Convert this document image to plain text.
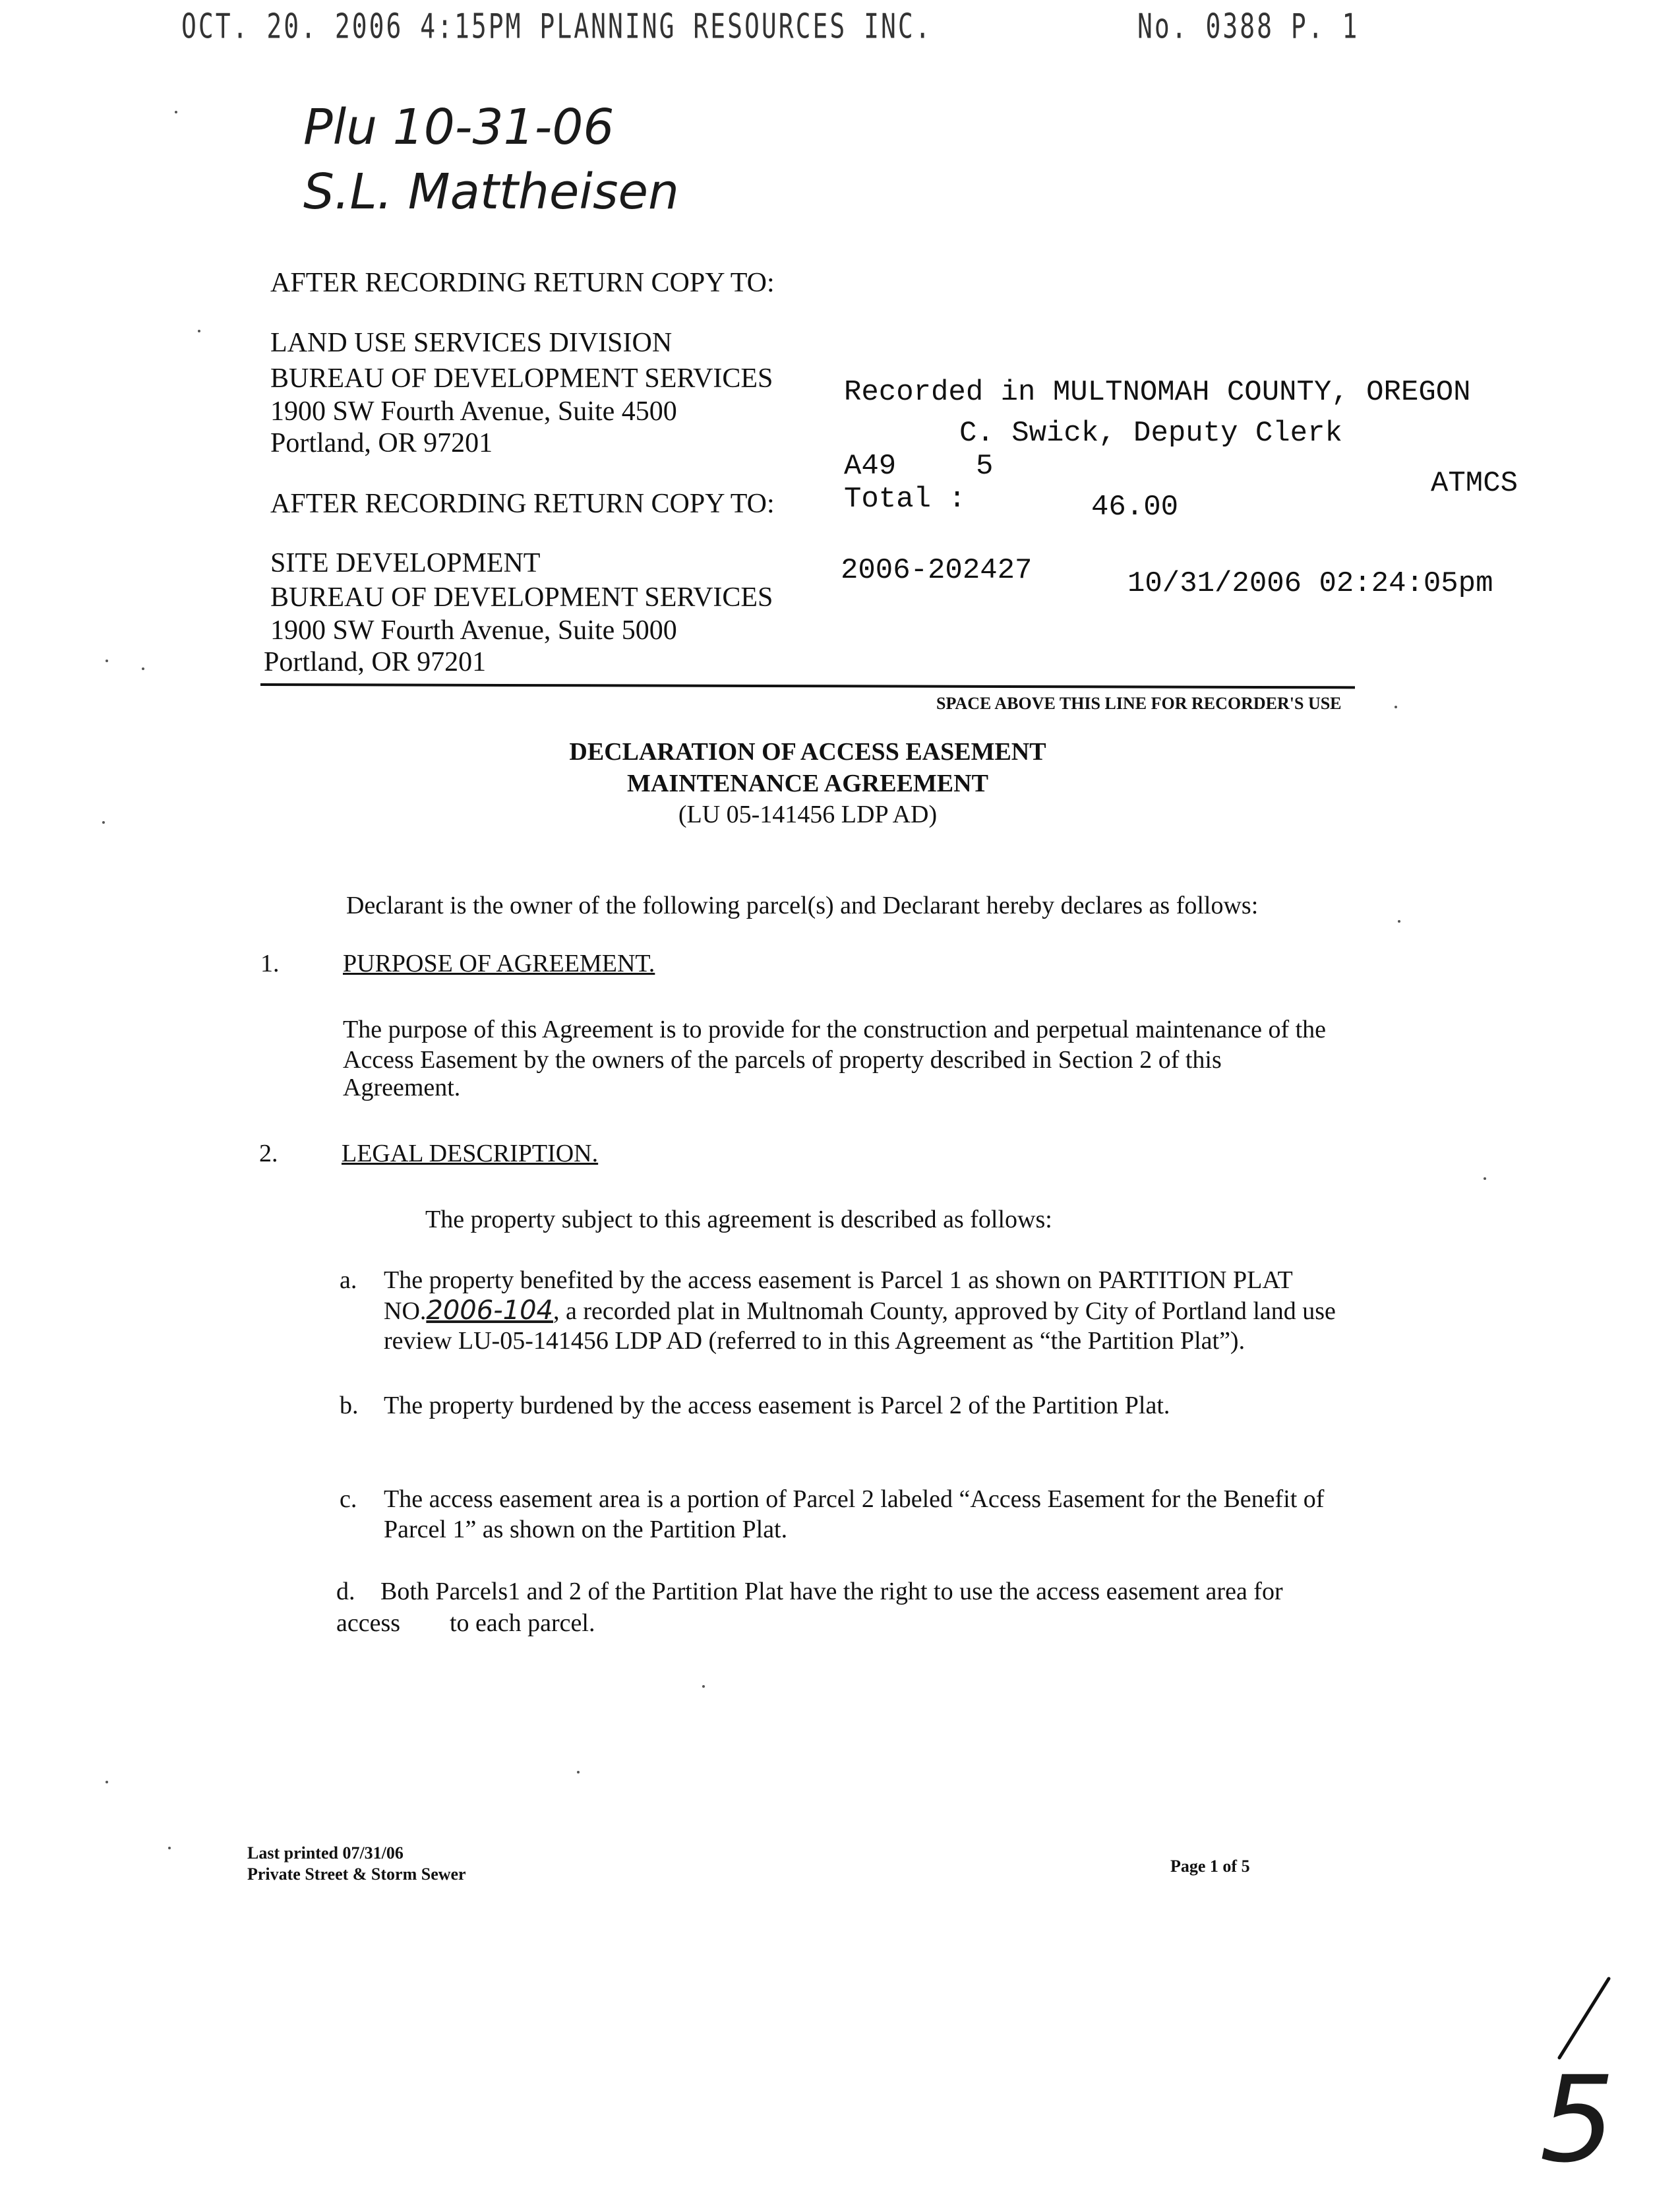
OCT. 20. 2006 4:15PM PLANNING RESOURCES INC.	No. 0388 P. 1
Plu 10-31-06
S.L. Mattheisen
AFTER RECORDING RETURN COPY TO:
LAND USE SERVICES DIVISION
BUREAU OF DEVELOPMENT SERVICES
1900 SW Fourth Avenue, Suite 4500
Portland, OR 97201
AFTER RECORDING RETURN COPY TO:
SITE DEVELOPMENT
BUREAU OF DEVELOPMENT SERVICES
1900 SW Fourth Avenue, Suite 5000
Portland, OR 97201
Recorded in MULTNOMAH COUNTY, OREGON
C. Swick, Deputy Clerk
A49	5
ATMCS
Total :	46.00
2006-202427	10/31/2006 02:24:05pm
SPACE ABOVE THIS LINE FOR RECORDER'S USE
DECLARATION OF ACCESS EASEMENT
MAINTENANCE AGREEMENT
(LU 05-141456 LDP AD)
Declarant is the owner of the following parcel(s) and Declarant hereby declares as follows:
1.	PURPOSE OF AGREEMENT.
The purpose of this Agreement is to provide for the construction and perpetual maintenance of the
Access Easement by the owners of the parcels of property described in Section 2 of this
Agreement.
2.	LEGAL DESCRIPTION.
The property subject to this agreement is described as follows:
a. The property benefited by the access easement is Parcel 1 as shown on PARTITION PLAT
NO.2006-104, a recorded plat in Multnomah County, approved by City of Portland land use
review LU-05-141456 LDP AD (referred to in this Agreement as “the Partition Plat”).
b. The property burdened by the access easement is Parcel 2 of the Partition Plat.
c. The access easement area is a portion of Parcel 2 labeled “Access Easement for the Benefit of
Parcel 1” as shown on the Partition Plat.
d. Both Parcels1 and 2 of the Partition Plat have the right to use the access easement area for
access to each parcel.
Last printed 07/31/06
Private Street & Storm Sewer	Page 1 of 5
5
